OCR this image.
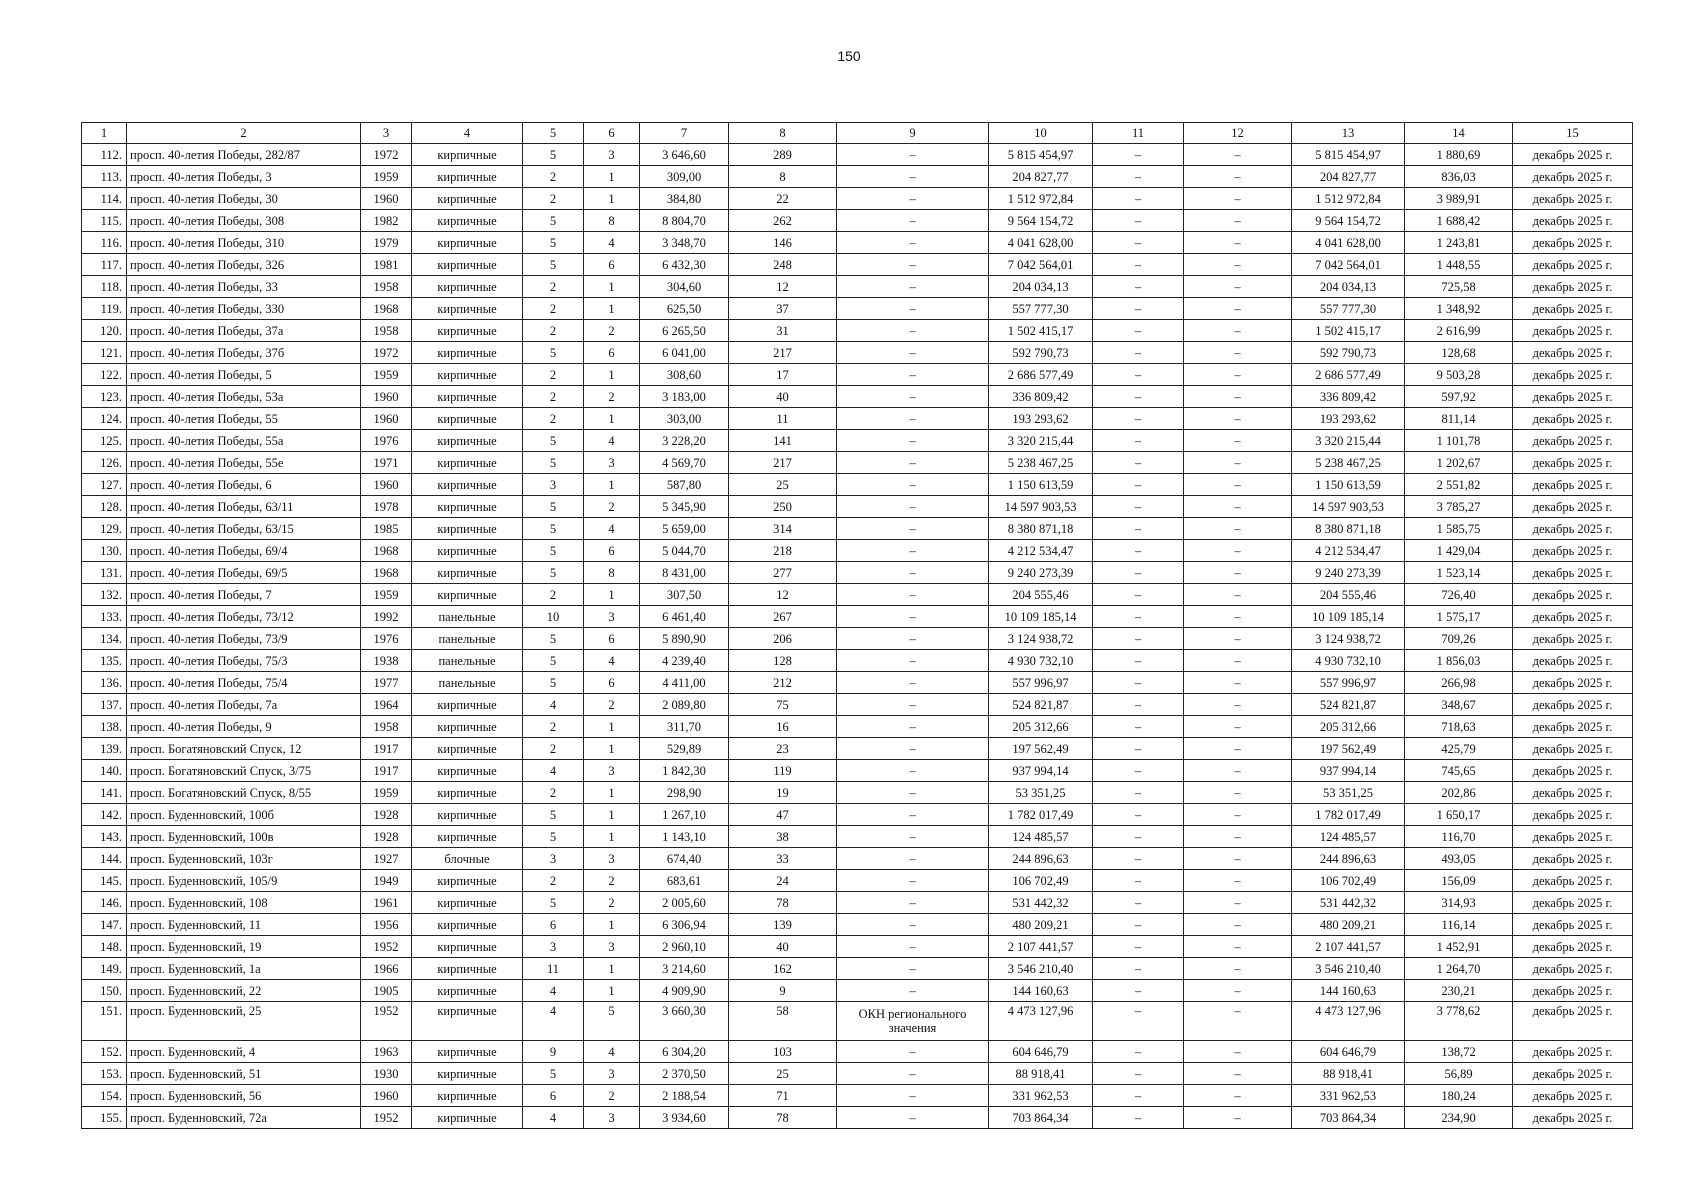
150
1	2	3	4	5	6	7	8	9	10	11	12	13	14	15
112.	просп. 40-летия Победы, 282/87	1972	кирпичные	5	3	3 646,60	289	–	5 815 454,97	–	–	5 815 454,97	1 880,69	декабрь 2025 г.
113.	просп. 40-летия Победы, 3	1959	кирпичные	2	1	309,00	8	–	204 827,77	–	–	204 827,77	836,03	декабрь 2025 г.
114.	просп. 40-летия Победы, 30	1960	кирпичные	2	1	384,80	22	–	1 512 972,84	–	–	1 512 972,84	3 989,91	декабрь 2025 г.
115.	просп. 40-летия Победы, 308	1982	кирпичные	5	8	8 804,70	262	–	9 564 154,72	–	–	9 564 154,72	1 688,42	декабрь 2025 г.
116.	просп. 40-летия Победы, 310	1979	кирпичные	5	4	3 348,70	146	–	4 041 628,00	–	–	4 041 628,00	1 243,81	декабрь 2025 г.
117.	просп. 40-летия Победы, 326	1981	кирпичные	5	6	6 432,30	248	–	7 042 564,01	–	–	7 042 564,01	1 448,55	декабрь 2025 г.
118.	просп. 40-летия Победы, 33	1958	кирпичные	2	1	304,60	12	–	204 034,13	–	–	204 034,13	725,58	декабрь 2025 г.
119.	просп. 40-летия Победы, 330	1968	кирпичные	2	1	625,50	37	–	557 777,30	–	–	557 777,30	1 348,92	декабрь 2025 г.
120.	просп. 40-летия Победы, 37а	1958	кирпичные	2	2	6 265,50	31	–	1 502 415,17	–	–	1 502 415,17	2 616,99	декабрь 2025 г.
121.	просп. 40-летия Победы, 37б	1972	кирпичные	5	6	6 041,00	217	–	592 790,73	–	–	592 790,73	128,68	декабрь 2025 г.
122.	просп. 40-летия Победы, 5	1959	кирпичные	2	1	308,60	17	–	2 686 577,49	–	–	2 686 577,49	9 503,28	декабрь 2025 г.
123.	просп. 40-летия Победы, 53а	1960	кирпичные	2	2	3 183,00	40	–	336 809,42	–	–	336 809,42	597,92	декабрь 2025 г.
124.	просп. 40-летия Победы, 55	1960	кирпичные	2	1	303,00	11	–	193 293,62	–	–	193 293,62	811,14	декабрь 2025 г.
125.	просп. 40-летия Победы, 55а	1976	кирпичные	5	4	3 228,20	141	–	3 320 215,44	–	–	3 320 215,44	1 101,78	декабрь 2025 г.
126.	просп. 40-летия Победы, 55е	1971	кирпичные	5	3	4 569,70	217	–	5 238 467,25	–	–	5 238 467,25	1 202,67	декабрь 2025 г.
127.	просп. 40-летия Победы, 6	1960	кирпичные	3	1	587,80	25	–	1 150 613,59	–	–	1 150 613,59	2 551,82	декабрь 2025 г.
128.	просп. 40-летия Победы, 63/11	1978	кирпичные	5	2	5 345,90	250	–	14 597 903,53	–	–	14 597 903,53	3 785,27	декабрь 2025 г.
129.	просп. 40-летия Победы, 63/15	1985	кирпичные	5	4	5 659,00	314	–	8 380 871,18	–	–	8 380 871,18	1 585,75	декабрь 2025 г.
130.	просп. 40-летия Победы, 69/4	1968	кирпичные	5	6	5 044,70	218	–	4 212 534,47	–	–	4 212 534,47	1 429,04	декабрь 2025 г.
131.	просп. 40-летия Победы, 69/5	1968	кирпичные	5	8	8 431,00	277	–	9 240 273,39	–	–	9 240 273,39	1 523,14	декабрь 2025 г.
132.	просп. 40-летия Победы, 7	1959	кирпичные	2	1	307,50	12	–	204 555,46	–	–	204 555,46	726,40	декабрь 2025 г.
133.	просп. 40-летия Победы, 73/12	1992	панельные	10	3	6 461,40	267	–	10 109 185,14	–	–	10 109 185,14	1 575,17	декабрь 2025 г.
134.	просп. 40-летия Победы, 73/9	1976	панельные	5	6	5 890,90	206	–	3 124 938,72	–	–	3 124 938,72	709,26	декабрь 2025 г.
135.	просп. 40-летия Победы, 75/3	1938	панельные	5	4	4 239,40	128	–	4 930 732,10	–	–	4 930 732,10	1 856,03	декабрь 2025 г.
136.	просп. 40-летия Победы, 75/4	1977	панельные	5	6	4 411,00	212	–	557 996,97	–	–	557 996,97	266,98	декабрь 2025 г.
137.	просп. 40-летия Победы, 7а	1964	кирпичные	4	2	2 089,80	75	–	524 821,87	–	–	524 821,87	348,67	декабрь 2025 г.
138.	просп. 40-летия Победы, 9	1958	кирпичные	2	1	311,70	16	–	205 312,66	–	–	205 312,66	718,63	декабрь 2025 г.
139.	просп. Богатяновский Спуск, 12	1917	кирпичные	2	1	529,89	23	–	197 562,49	–	–	197 562,49	425,79	декабрь 2025 г.
140.	просп. Богатяновский Спуск, 3/75	1917	кирпичные	4	3	1 842,30	119	–	937 994,14	–	–	937 994,14	745,65	декабрь 2025 г.
141.	просп. Богатяновский Спуск, 8/55	1959	кирпичные	2	1	298,90	19	–	53 351,25	–	–	53 351,25	202,86	декабрь 2025 г.
142.	просп. Буденновский, 100б	1928	кирпичные	5	1	1 267,10	47	–	1 782 017,49	–	–	1 782 017,49	1 650,17	декабрь 2025 г.
143.	просп. Буденновский, 100в	1928	кирпичные	5	1	1 143,10	38	–	124 485,57	–	–	124 485,57	116,70	декабрь 2025 г.
144.	просп. Буденновский, 103г	1927	блочные	3	3	674,40	33	–	244 896,63	–	–	244 896,63	493,05	декабрь 2025 г.
145.	просп. Буденновский, 105/9	1949	кирпичные	2	2	683,61	24	–	106 702,49	–	–	106 702,49	156,09	декабрь 2025 г.
146.	просп. Буденновский, 108	1961	кирпичные	5	2	2 005,60	78	–	531 442,32	–	–	531 442,32	314,93	декабрь 2025 г.
147.	просп. Буденновский, 11	1956	кирпичные	6	1	6 306,94	139	–	480 209,21	–	–	480 209,21	116,14	декабрь 2025 г.
148.	просп. Буденновский, 19	1952	кирпичные	3	3	2 960,10	40	–	2 107 441,57	–	–	2 107 441,57	1 452,91	декабрь 2025 г.
149.	просп. Буденновский, 1а	1966	кирпичные	11	1	3 214,60	162	–	3 546 210,40	–	–	3 546 210,40	1 264,70	декабрь 2025 г.
150.	просп. Буденновский, 22	1905	кирпичные	4	1	4 909,90	9	–	144 160,63	–	–	144 160,63	230,21	декабрь 2025 г.
151.	просп. Буденновский, 25	1952	кирпичные	4	5	3 660,30	58	ОКН регионального значения	4 473 127,96	–	–	4 473 127,96	3 778,62	декабрь 2025 г.
152.	просп. Буденновский, 4	1963	кирпичные	9	4	6 304,20	103	–	604 646,79	–	–	604 646,79	138,72	декабрь 2025 г.
153.	просп. Буденновский, 51	1930	кирпичные	5	3	2 370,50	25	–	88 918,41	–	–	88 918,41	56,89	декабрь 2025 г.
154.	просп. Буденновский, 56	1960	кирпичные	6	2	2 188,54	71	–	331 962,53	–	–	331 962,53	180,24	декабрь 2025 г.
155.	просп. Буденновский, 72а	1952	кирпичные	4	3	3 934,60	78	–	703 864,34	–	–	703 864,34	234,90	декабрь 2025 г.
